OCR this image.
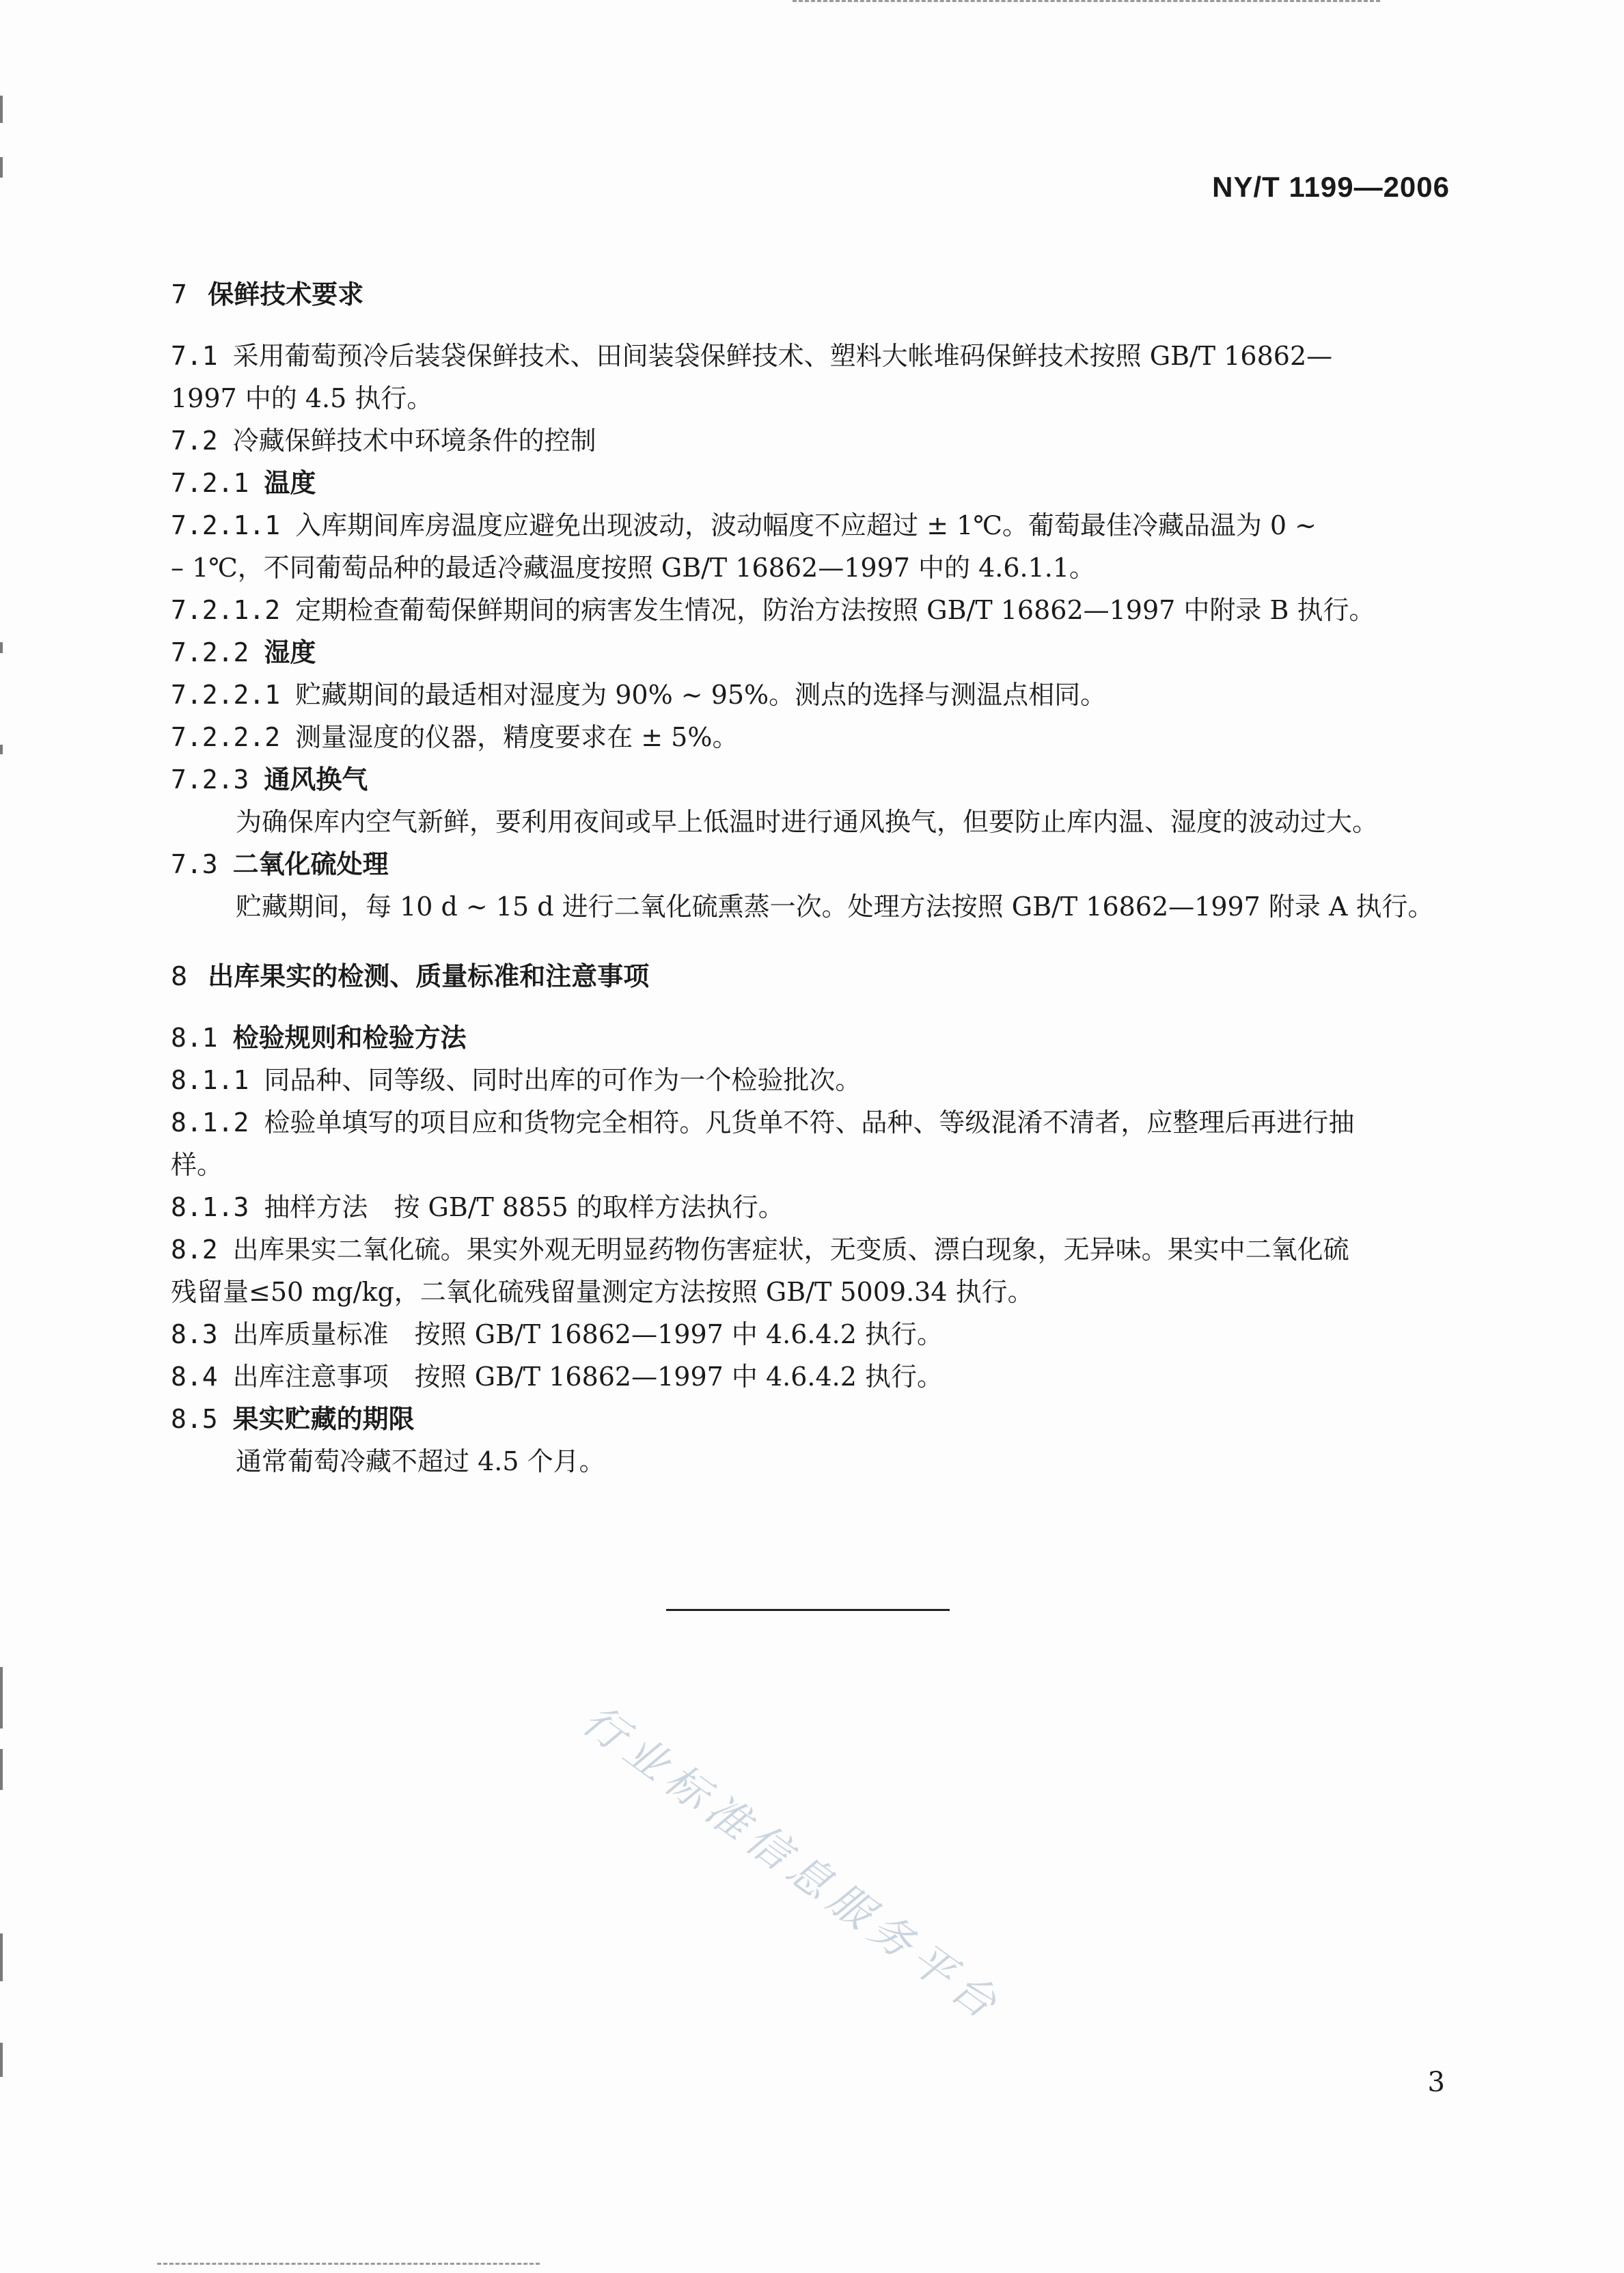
NY/T 1199—2006

7 保鲜技术要求

7.1 采用葡萄预冷后装袋保鲜技术、田间装袋保鲜技术、塑料大帐堆码保鲜技术按照 GB/T 16862—

1997 中的 4.5 执行。

7.2 冷藏保鲜技术中环境条件的控制

7.2.1 温度

7.2.1.1 入库期间库房温度应避免出现波动，波动幅度不应超过 ± 1℃。葡萄最佳冷藏品温为 0 ~

– 1℃，不同葡萄品种的最适冷藏温度按照 GB/T 16862—1997 中的 4.6.1.1。

7.2.1.2 定期检查葡萄保鲜期间的病害发生情况，防治方法按照 GB/T 16862—1997 中附录 B 执行。

7.2.2 湿度

7.2.2.1 贮藏期间的最适相对湿度为 90% ~ 95%。测点的选择与测温点相同。

7.2.2.2 测量湿度的仪器，精度要求在 ± 5%。

7.2.3 通风换气

为确保库内空气新鲜，要利用夜间或早上低温时进行通风换气，但要防止库内温、湿度的波动过大。

7.3 二氧化硫处理

贮藏期间，每 10 d ~ 15 d 进行二氧化硫熏蒸一次。处理方法按照 GB/T 16862—1997 附录 A 执行。

8 出库果实的检测、质量标准和注意事项

8.1 检验规则和检验方法

8.1.1 同品种、同等级、同时出库的可作为一个检验批次。

8.1.2 检验单填写的项目应和货物完全相符。凡货单不符、品种、等级混淆不清者，应整理后再进行抽

样。

8.1.3 抽样方法　按 GB/T 8855 的取样方法执行。

8.2 出库果实二氧化硫。果实外观无明显药物伤害症状，无变质、漂白现象，无异味。果实中二氧化硫

残留量≤50 mg/kg，二氧化硫残留量测定方法按照 GB/T 5009.34 执行。

8.3 出库质量标准　按照 GB/T 16862—1997 中 4.6.4.2 执行。

8.4 出库注意事项　按照 GB/T 16862—1997 中 4.6.4.2 执行。

8.5 果实贮藏的期限

通常葡萄冷藏不超过 4.5 个月。

行业标准信息服务平台
3
